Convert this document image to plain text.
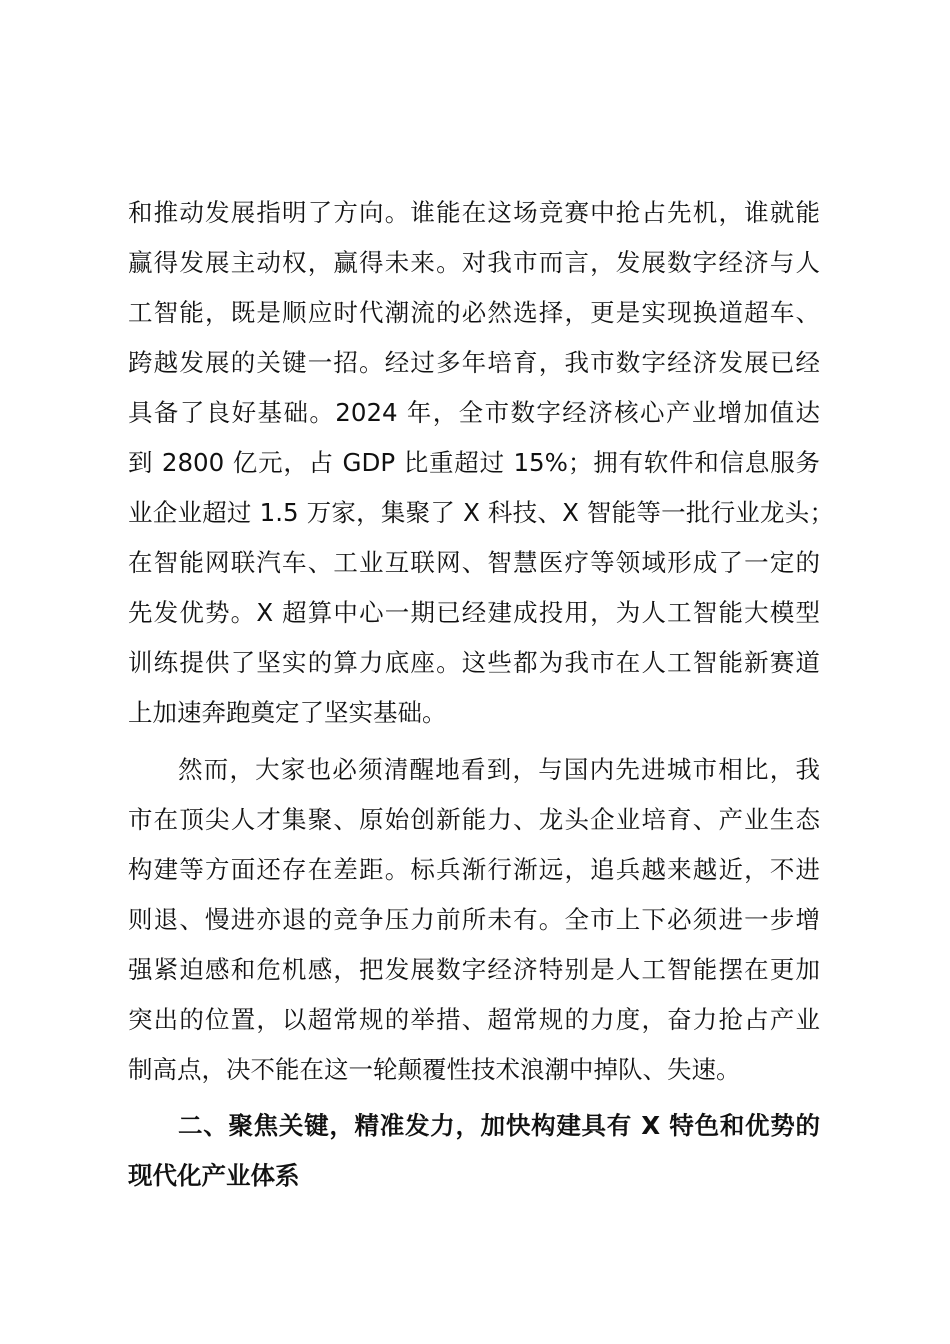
和推动发展指明了方向。谁能在这场竞赛中抢占先机，谁就能
赢得发展主动权，赢得未来。对我市而言，发展数字经济与人
工智能，既是顺应时代潮流的必然选择，更是实现换道超车、
跨越发展的关键一招。经过多年培育，我市数字经济发展已经
具备了良好基础。2024 年，全市数字经济核心产业增加值达
到 2800 亿元，占 GDP 比重超过 15%；拥有软件和信息服务
业企业超过 1.5 万家，集聚了 X 科技、X 智能等一批行业龙头；
在智能网联汽车、工业互联网、智慧医疗等领域形成了一定的
先发优势。X 超算中心一期已经建成投用，为人工智能大模型
训练提供了坚实的算力底座。这些都为我市在人工智能新赛道
上加速奔跑奠定了坚实基础。
然而，大家也必须清醒地看到，与国内先进城市相比，我
市在顶尖人才集聚、原始创新能力、龙头企业培育、产业生态
构建等方面还存在差距。标兵渐行渐远，追兵越来越近，不进
则退、慢进亦退的竞争压力前所未有。全市上下必须进一步增
强紧迫感和危机感，把发展数字经济特别是人工智能摆在更加
突出的位置，以超常规的举措、超常规的力度，奋力抢占产业
制高点，决不能在这一轮颠覆性技术浪潮中掉队、失速。
二、聚焦关键，精准发力，加快构建具有 X 特色和优势的
现代化产业体系
